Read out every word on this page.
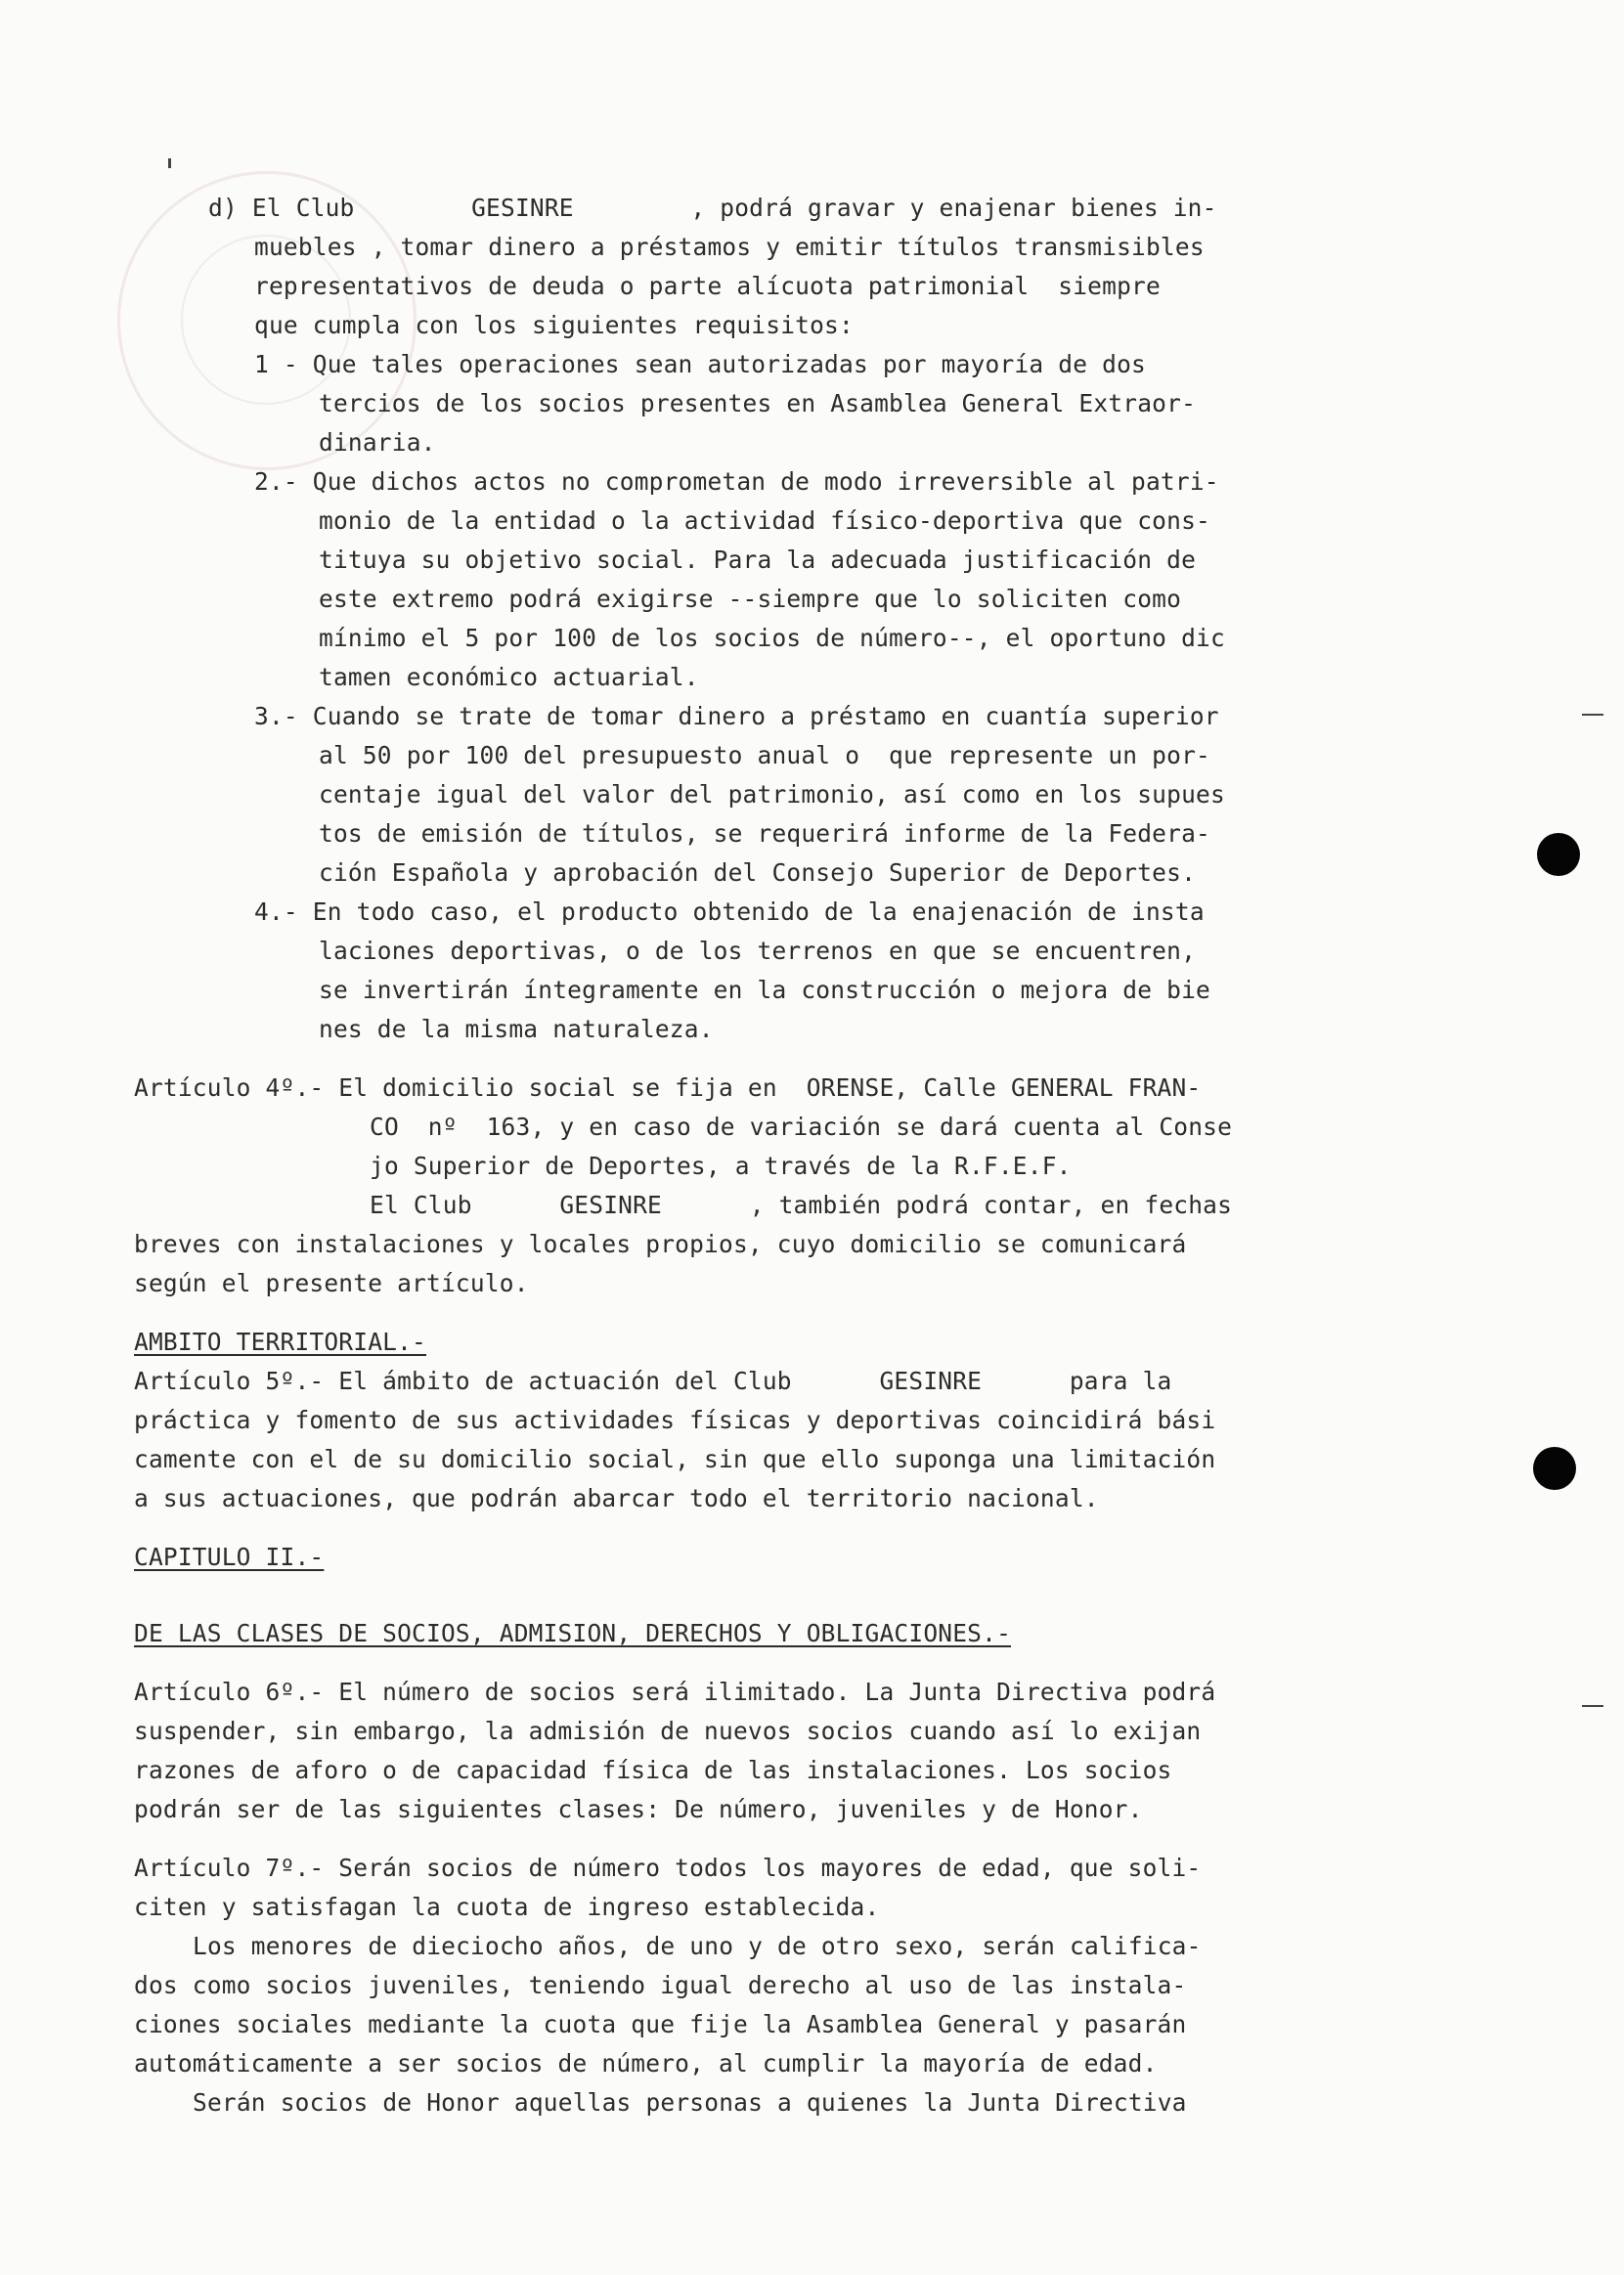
d) El Club        GESINRE        , podrá gravar y enajenar bienes in-
muebles , tomar dinero a préstamos y emitir títulos transmisibles
representativos de deuda o parte alícuota patrimonial  siempre
que cumpla con los siguientes requisitos:
1 - Que tales operaciones sean autorizadas por mayoría de dos
tercios de los socios presentes en Asamblea General Extraor-
dinaria.
2.- Que dichos actos no comprometan de modo irreversible al patri-
monio de la entidad o la actividad físico-deportiva que cons-
tituya su objetivo social. Para la adecuada justificación de
este extremo podrá exigirse --siempre que lo soliciten como
mínimo el 5 por 100 de los socios de número--, el oportuno dic
tamen económico actuarial.
3.- Cuando se trate de tomar dinero a préstamo en cuantía superior
al 50 por 100 del presupuesto anual o  que represente un por-
centaje igual del valor del patrimonio, así como en los supues
tos de emisión de títulos, se requerirá informe de la Federa-
ción Española y aprobación del Consejo Superior de Deportes.
4.- En todo caso, el producto obtenido de la enajenación de insta
laciones deportivas, o de los terrenos en que se encuentren,
se invertirán íntegramente en la construcción o mejora de bie
nes de la misma naturaleza.
Artículo 4º.- El domicilio social se fija en  ORENSE, Calle GENERAL FRAN-
CO  nº  163, y en caso de variación se dará cuenta al Conse
jo Superior de Deportes, a través de la R.F.E.F.
El Club      GESINRE      , también podrá contar, en fechas
breves con instalaciones y locales propios, cuyo domicilio se comunicará
según el presente artículo.
AMBITO TERRITORIAL.-
Artículo 5º.- El ámbito de actuación del Club      GESINRE      para la
práctica y fomento de sus actividades físicas y deportivas coincidirá bási
camente con el de su domicilio social, sin que ello suponga una limitación
a sus actuaciones, que podrán abarcar todo el territorio nacional.
CAPITULO II.-
DE LAS CLASES DE SOCIOS, ADMISION, DERECHOS Y OBLIGACIONES.-
Artículo 6º.- El número de socios será ilimitado. La Junta Directiva podrá
suspender, sin embargo, la admisión de nuevos socios cuando así lo exijan
razones de aforo o de capacidad física de las instalaciones. Los socios
podrán ser de las siguientes clases: De número, juveniles y de Honor.
Artículo 7º.- Serán socios de número todos los mayores de edad, que soli-
citen y satisfagan la cuota de ingreso establecida.
Los menores de dieciocho años, de uno y de otro sexo, serán califica-
dos como socios juveniles, teniendo igual derecho al uso de las instala-
ciones sociales mediante la cuota que fije la Asamblea General y pasarán
automáticamente a ser socios de número, al cumplir la mayoría de edad.
Serán socios de Honor aquellas personas a quienes la Junta Directiva
